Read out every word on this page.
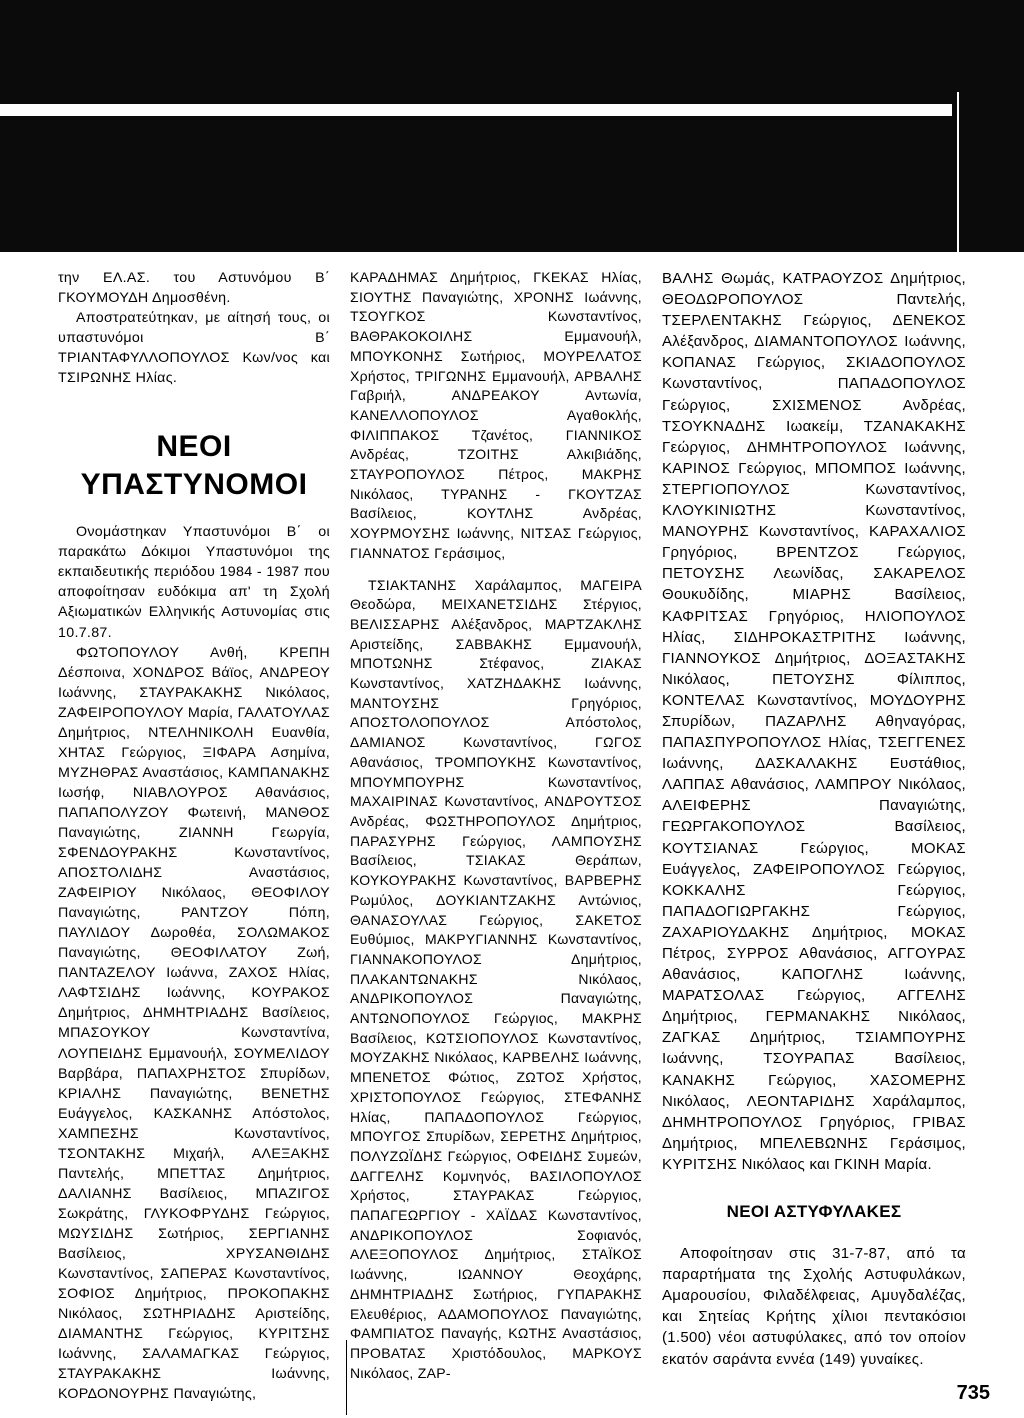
την ΕΛ.ΑΣ. του Αστυνόμου Β΄ ΓΚΟΥΜΟΥΔΗ Δημοσθένη.

Αποστρατεύτηκαν, με αίτησή τους, οι υπαστυνόμοι Β΄ ΤΡΙΑΝΤΑΦΥΛΛΟΠΟΥΛΟΣ Κων/νος και ΤΣΙΡΩΝΗΣ Ηλίας.

ΝΕΟΙ
ΥΠΑΣΤΥΝΟΜΟΙ

Ονομάστηκαν Υπαστυνόμοι Β΄ οι παρακάτω Δόκιμοι Υπαστυνόμοι της εκπαιδευτικής περιόδου 1984 - 1987 που αποφοίτησαν ευδόκιμα απ' τη Σχολή Αξιωματικών Ελληνικής Αστυνομίας στις 10.7.87.

ΦΩΤΟΠΟΥΛΟΥ Ανθή, ΚΡΕΠΗ Δέσποινα, ΧΟΝΔΡΟΣ Βάϊος, ΑΝΔΡΕΟΥ Ιωάννης, ΣΤΑΥΡΑΚΑΚΗΣ Νικόλαος, ΖΑΦΕΙΡΟΠΟΥΛΟΥ Μαρία, ΓΑΛΑΤΟΥΛΑΣ Δημήτριος, ΝΤΕΛΗΝΙΚΟΛΗ Ευανθία, ΧΗΤΑΣ Γεώργιος, ΞΙΦΑΡΑ Ασημίνα, ΜΥΖΗΘΡΑΣ Αναστάσιος, ΚΑΜΠΑΝΑΚΗΣ Ιωσήφ, ΝΙΑΒΛΟΥΡΟΣ Αθανάσιος, ΠΑΠΑΠΟΛΥΖΟΥ Φωτεινή, ΜΑΝΘΟΣ Παναγιώτης, ΖΙΑΝΝΗ Γεωργία, ΣΦΕΝΔΟΥΡΑΚΗΣ Κωνσταντίνος, ΑΠΟΣΤΟΛΙΔΗΣ Αναστάσιος, ΖΑΦΕΙΡΙΟΥ Νικόλαος, ΘΕΟΦΙΛΟΥ Παναγιώτης, ΡΑΝΤΖΟΥ Πόπη, ΠΑΥΛΙΔΟΥ Δωροθέα, ΣΟΛΩΜΑΚΟΣ Παναγιώτης, ΘΕΟΦΙΛΑΤΟΥ Ζωή, ΠΑΝΤΑΖΕΛΟΥ Ιωάννα, ΖΑΧΟΣ Ηλίας, ΛΑΦΤΣΙΔΗΣ Ιωάννης, ΚΟΥΡΑΚΟΣ Δημήτριος, ΔΗΜΗΤΡΙΑΔΗΣ Βασίλειος, ΜΠΑΣΟΥΚΟΥ Κωνσταντίνα, ΛΟΥΠΕΙΔΗΣ Εμμανουήλ, ΣΟΥΜΕΛΙΔΟΥ Βαρβάρα, ΠΑΠΑΧΡΗΣΤΟΣ Σπυρίδων, ΚΡΙΑΛΗΣ Παναγιώτης, ΒΕΝΕΤΗΣ Ευάγγελος, ΚΑΣΚΑΝΗΣ Απόστολος, ΧΑΜΠΕΣΗΣ Κωνσταντίνος, ΤΣΟΝΤΑΚΗΣ Μιχαήλ, ΑΛΕΞΑΚΗΣ Παντελής, ΜΠΕΤΤΑΣ Δημήτριος, ΔΑΛΙΑΝΗΣ Βασίλειος, ΜΠΑΖΙΓΟΣ Σωκράτης, ΓΛΥΚΟΦΡΥΔΗΣ Γεώργιος, ΜΩΥΣΙΔΗΣ Σωτήριος, ΣΕΡΓΙΑΝΗΣ Βασίλειος, ΧΡΥΣΑΝΘΙΔΗΣ Κωνσταντίνος, ΣΑΠΕΡΑΣ Κωνσταντίνος, ΣΟΦΙΟΣ Δημήτριος, ΠΡΟΚΟΠΑΚΗΣ Νικόλαος, ΣΩΤΗΡΙΑΔΗΣ Αριστείδης, ΔΙΑΜΑΝΤΗΣ Γεώργιος, ΚΥΡΙΤΣΗΣ Ιωάννης, ΣΑΛΑΜΑΓΚΑΣ Γεώργιος, ΣΤΑΥΡΑΚΑΚΗΣ Ιωάννης, ΚΟΡΔΟΝΟΥΡΗΣ Παναγιώτης,

ΚΑΡΑΔΗΜΑΣ Δημήτριος, ΓΚΕΚΑΣ Ηλίας, ΣΙΟΥΤΗΣ Παναγιώτης, ΧΡΟΝΗΣ Ιωάννης, ΤΣΟΥΓΚΟΣ Κωνσταντίνος, ΒΑΘΡΑΚΟΚΟΙΛΗΣ Εμμανουήλ, ΜΠΟΥΚΟΝΗΣ Σωτήριος, ΜΟΥΡΕΛΑΤΟΣ Χρήστος, ΤΡΙΓΩΝΗΣ Εμμανουήλ, ΑΡΒΑΛΗΣ Γαβριήλ, ΑΝΔΡΕΑΚΟΥ Αντωνία, ΚΑΝΕΛΛΟΠΟΥΛΟΣ Αγαθοκλής, ΦΙΛΙΠΠΑΚΟΣ Τζανέτος, ΓΙΑΝΝΙΚΟΣ Ανδρέας, ΤΖΟΙΤΗΣ Αλκιβιάδης, ΣΤΑΥΡΟΠΟΥΛΟΣ Πέτρος, ΜΑΚΡΗΣ Νικόλαος, ΤΥΡΑΝΗΣ - ΓΚΟΥΤΖΑΣ Βασίλειος, ΚΟΥΤΛΗΣ Ανδρέας, ΧΟΥΡΜΟΥΣΗΣ Ιωάννης, ΝΙΤΣΑΣ Γεώργιος, ΓΙΑΝΝΑΤΟΣ Γεράσιμος,

ΤΣΙΑΚΤΑΝΗΣ Χαράλαμπος, ΜΑΓΕΙΡΑ Θεοδώρα, ΜΕΙΧΑΝΕΤΣΙΔΗΣ Στέργιος, ΒΕΛΙΣΣΑΡΗΣ Αλέξανδρος, ΜΑΡΤΖΑΚΛΗΣ Αριστείδης, ΣΑΒΒΑΚΗΣ Εμμανουήλ, ΜΠΟΤΩΝΗΣ Στέφανος, ΖΙΑΚΑΣ Κωνσταντίνος, ΧΑΤΖΗΔΑΚΗΣ Ιωάννης, ΜΑΝΤΟΥΣΗΣ Γρηγόριος, ΑΠΟΣΤΟΛΟΠΟΥΛΟΣ Απόστολος, ΔΑΜΙΑΝΟΣ Κωνσταντίνος, ΓΩΓΟΣ Αθανάσιος, ΤΡΟΜΠΟΥΚΗΣ Κωνσταντίνος, ΜΠΟΥΜΠΟΥΡΗΣ Κωνσταντίνος, ΜΑΧΑΙΡΙΝΑΣ Κωνσταντίνος, ΑΝΔΡΟΥΤΣΟΣ Ανδρέας, ΦΩΣΤΗΡΟΠΟΥΛΟΣ Δημήτριος, ΠΑΡΑΣΥΡΗΣ Γεώργιος, ΛΑΜΠΟΥΣΗΣ Βασίλειος, ΤΣΙΑΚΑΣ Θεράπων, ΚΟΥΚΟΥΡΑΚΗΣ Κωνσταντίνος, ΒΑΡΒΕΡΗΣ Ρωμύλος, ΔΟΥΚΙΑΝΤΖΑΚΗΣ Αντώνιος, ΘΑΝΑΣΟΥΛΑΣ Γεώργιος, ΣΑΚΕΤΟΣ Ευθύμιος, ΜΑΚΡΥΓΙΑΝΝΗΣ Κωνσταντίνος, ΓΙΑΝΝΑΚΟΠΟΥΛΟΣ Δημήτριος, ΠΛΑΚΑΝΤΩΝΑΚΗΣ Νικόλαος, ΑΝΔΡΙΚΟΠΟΥΛΟΣ Παναγιώτης, ΑΝΤΩΝΟΠΟΥΛΟΣ Γεώργιος, ΜΑΚΡΗΣ Βασίλειος, ΚΩΤΣΙΟΠΟΥΛΟΣ Κωνσταντίνος, ΜΟΥΖΑΚΗΣ Νικόλαος, ΚΑΡΒΕΛΗΣ Ιωάννης, ΜΠΕΝΕΤΟΣ Φώτιος, ΖΩΤΟΣ Χρήστος, ΧΡΙΣΤΟΠΟΥΛΟΣ Γεώργιος, ΣΤΕΦΑΝΗΣ Ηλίας, ΠΑΠΑΔΟΠΟΥΛΟΣ Γεώργιος, ΜΠΟΥΓΟΣ Σπυρίδων, ΣΕΡΕΤΗΣ Δημήτριος, ΠΟΛΥΖΩΪΔΗΣ Γεώργιος, ΟΦΕΙΔΗΣ Συμεών, ΔΑΓΓΕΛΗΣ Κομνηνός, ΒΑΣΙΛΟΠΟΥΛΟΣ Χρήστος, ΣΤΑΥΡΑΚΑΣ Γεώργιος, ΠΑΠΑΓΕΩΡΓΙΟΥ - ΧΑΪΔΑΣ Κωνσταντίνος, ΑΝΔΡΙΚΟΠΟΥΛΟΣ Σοφιανός, ΑΛΕΞΟΠΟΥΛΟΣ Δημήτριος, ΣΤΑΪΚΟΣ Ιωάννης, ΙΩΑΝΝΟΥ Θεοχάρης, ΔΗΜΗΤΡΙΑΔΗΣ Σωτήριος, ΓΥΠΑΡΑΚΗΣ Ελευθέριος, ΑΔΑΜΟΠΟΥΛΟΣ Παναγιώτης, ΦΑΜΠΙΑΤΟΣ Παναγής, ΚΩΤΗΣ Αναστάσιος, ΠΡΟΒΑΤΑΣ Χριστόδουλος, ΜΑΡΚΟΥΣ Νικόλαος, ΖΑΡ-

ΒΑΛΗΣ Θωμάς, ΚΑΤΡΑΟΥΖΟΣ Δημήτριος, ΘΕΟΔΩΡΟΠΟΥΛΟΣ Παντελής, ΤΣΕΡΛΕΝΤΑΚΗΣ Γεώργιος, ΔΕΝΕΚΟΣ Αλέξανδρος, ΔΙΑΜΑΝΤΟΠΟΥΛΟΣ Ιωάννης, ΚΟΠΑΝΑΣ Γεώργιος, ΣΚΙΑΔΟΠΟΥΛΟΣ Κωνσταντίνος, ΠΑΠΑΔΟΠΟΥΛΟΣ Γεώργιος, ΣΧΙΣΜΕΝΟΣ Ανδρέας, ΤΣΟΥΚΝΑΔΗΣ Ιωακείμ, ΤΖΑΝΑΚΑΚΗΣ Γεώργιος, ΔΗΜΗΤΡΟΠΟΥΛΟΣ Ιωάννης, ΚΑΡΙΝΟΣ Γεώργιος, ΜΠΟΜΠΟΣ Ιωάννης, ΣΤΕΡΓΙΟΠΟΥΛΟΣ Κωνσταντίνος, ΚΛΟΥΚΙΝΙΩΤΗΣ Κωνσταντίνος, ΜΑΝΟΥΡΗΣ Κωνσταντίνος, ΚΑΡΑΧΑΛΙΟΣ Γρηγόριος, ΒΡΕΝΤΖΟΣ Γεώργιος, ΠΕΤΟΥΣΗΣ Λεωνίδας, ΣΑΚΑΡΕΛΟΣ Θουκυδίδης, ΜΙΑΡΗΣ Βασίλειος, ΚΑΦΡΙΤΣΑΣ Γρηγόριος, ΗΛΙΟΠΟΥΛΟΣ Ηλίας, ΣΙΔΗΡΟΚΑΣΤΡΙΤΗΣ Ιωάννης, ΓΙΑΝΝΟΥΚΟΣ Δημήτριος, ΔΟΞΑΣΤΑΚΗΣ Νικόλαος, ΠΕΤΟΥΣΗΣ Φίλιππος, ΚΟΝΤΕΛΑΣ Κωνσταντίνος, ΜΟΥΔΟΥΡΗΣ Σπυρίδων, ΠΑΖΑΡΛΗΣ Αθηναγόρας, ΠΑΠΑΣΠΥΡΟΠΟΥΛΟΣ Ηλίας, ΤΣΕΓΓΕΝΕΣ Ιωάννης, ΔΑΣΚΑΛΑΚΗΣ Ευστάθιος, ΛΑΠΠΑΣ Αθανάσιος, ΛΑΜΠΡΟΥ Νικόλαος, ΑΛΕΙΦΕΡΗΣ Παναγιώτης, ΓΕΩΡΓΑΚΟΠΟΥΛΟΣ Βασίλειος, ΚΟΥΤΣΙΑΝΑΣ Γεώργιος, ΜΟΚΑΣ Ευάγγελος, ΖΑΦΕΙΡΟΠΟΥΛΟΣ Γεώργιος, ΚΟΚΚΑΛΗΣ Γεώργιος, ΠΑΠΑΔΟΓΙΩΡΓΑΚΗΣ Γεώργιος, ΖΑΧΑΡΙΟΥΔΑΚΗΣ Δημήτριος, ΜΟΚΑΣ Πέτρος, ΣΥΡΡΟΣ Αθανάσιος, ΑΓΓΟΥΡΑΣ Αθανάσιος, ΚΑΠΟΓΛΗΣ Ιωάννης, ΜΑΡΑΤΣΟΛΑΣ Γεώργιος, ΑΓΓΕΛΗΣ Δημήτριος, ΓΕΡΜΑΝΑΚΗΣ Νικόλαος, ΖΑΓΚΑΣ Δημήτριος, ΤΣΙΑΜΠΟΥΡΗΣ Ιωάννης, ΤΣΟΥΡΑΠΑΣ Βασίλειος, ΚΑΝΑΚΗΣ Γεώργιος, ΧΑΣΟΜΕΡΗΣ Νικόλαος, ΛΕΟΝΤΑΡΙΔΗΣ Χαράλαμπος, ΔΗΜΗΤΡΟΠΟΥΛΟΣ Γρηγόριος, ΓΡΙΒΑΣ Δημήτριος, ΜΠΕΛΕΒΩΝΗΣ Γεράσιμος, ΚΥΡΙΤΣΗΣ Νικόλαος και ΓΚΙΝΗ Μαρία.

ΝΕΟΙ ΑΣΤΥΦΥΛΑΚΕΣ

Αποφοίτησαν στις 31-7-87, από τα παραρτήματα της Σχολής Αστυφυλάκων, Αμαρουσίου, Φιλαδέλφειας, Αμυγδαλέζας, και Σητείας Κρήτης χίλιοι πεντακόσιοι (1.500) νέοι αστυφύλακες, από τον οποίον εκατόν σαράντα εννέα (149) γυναίκες.

735
